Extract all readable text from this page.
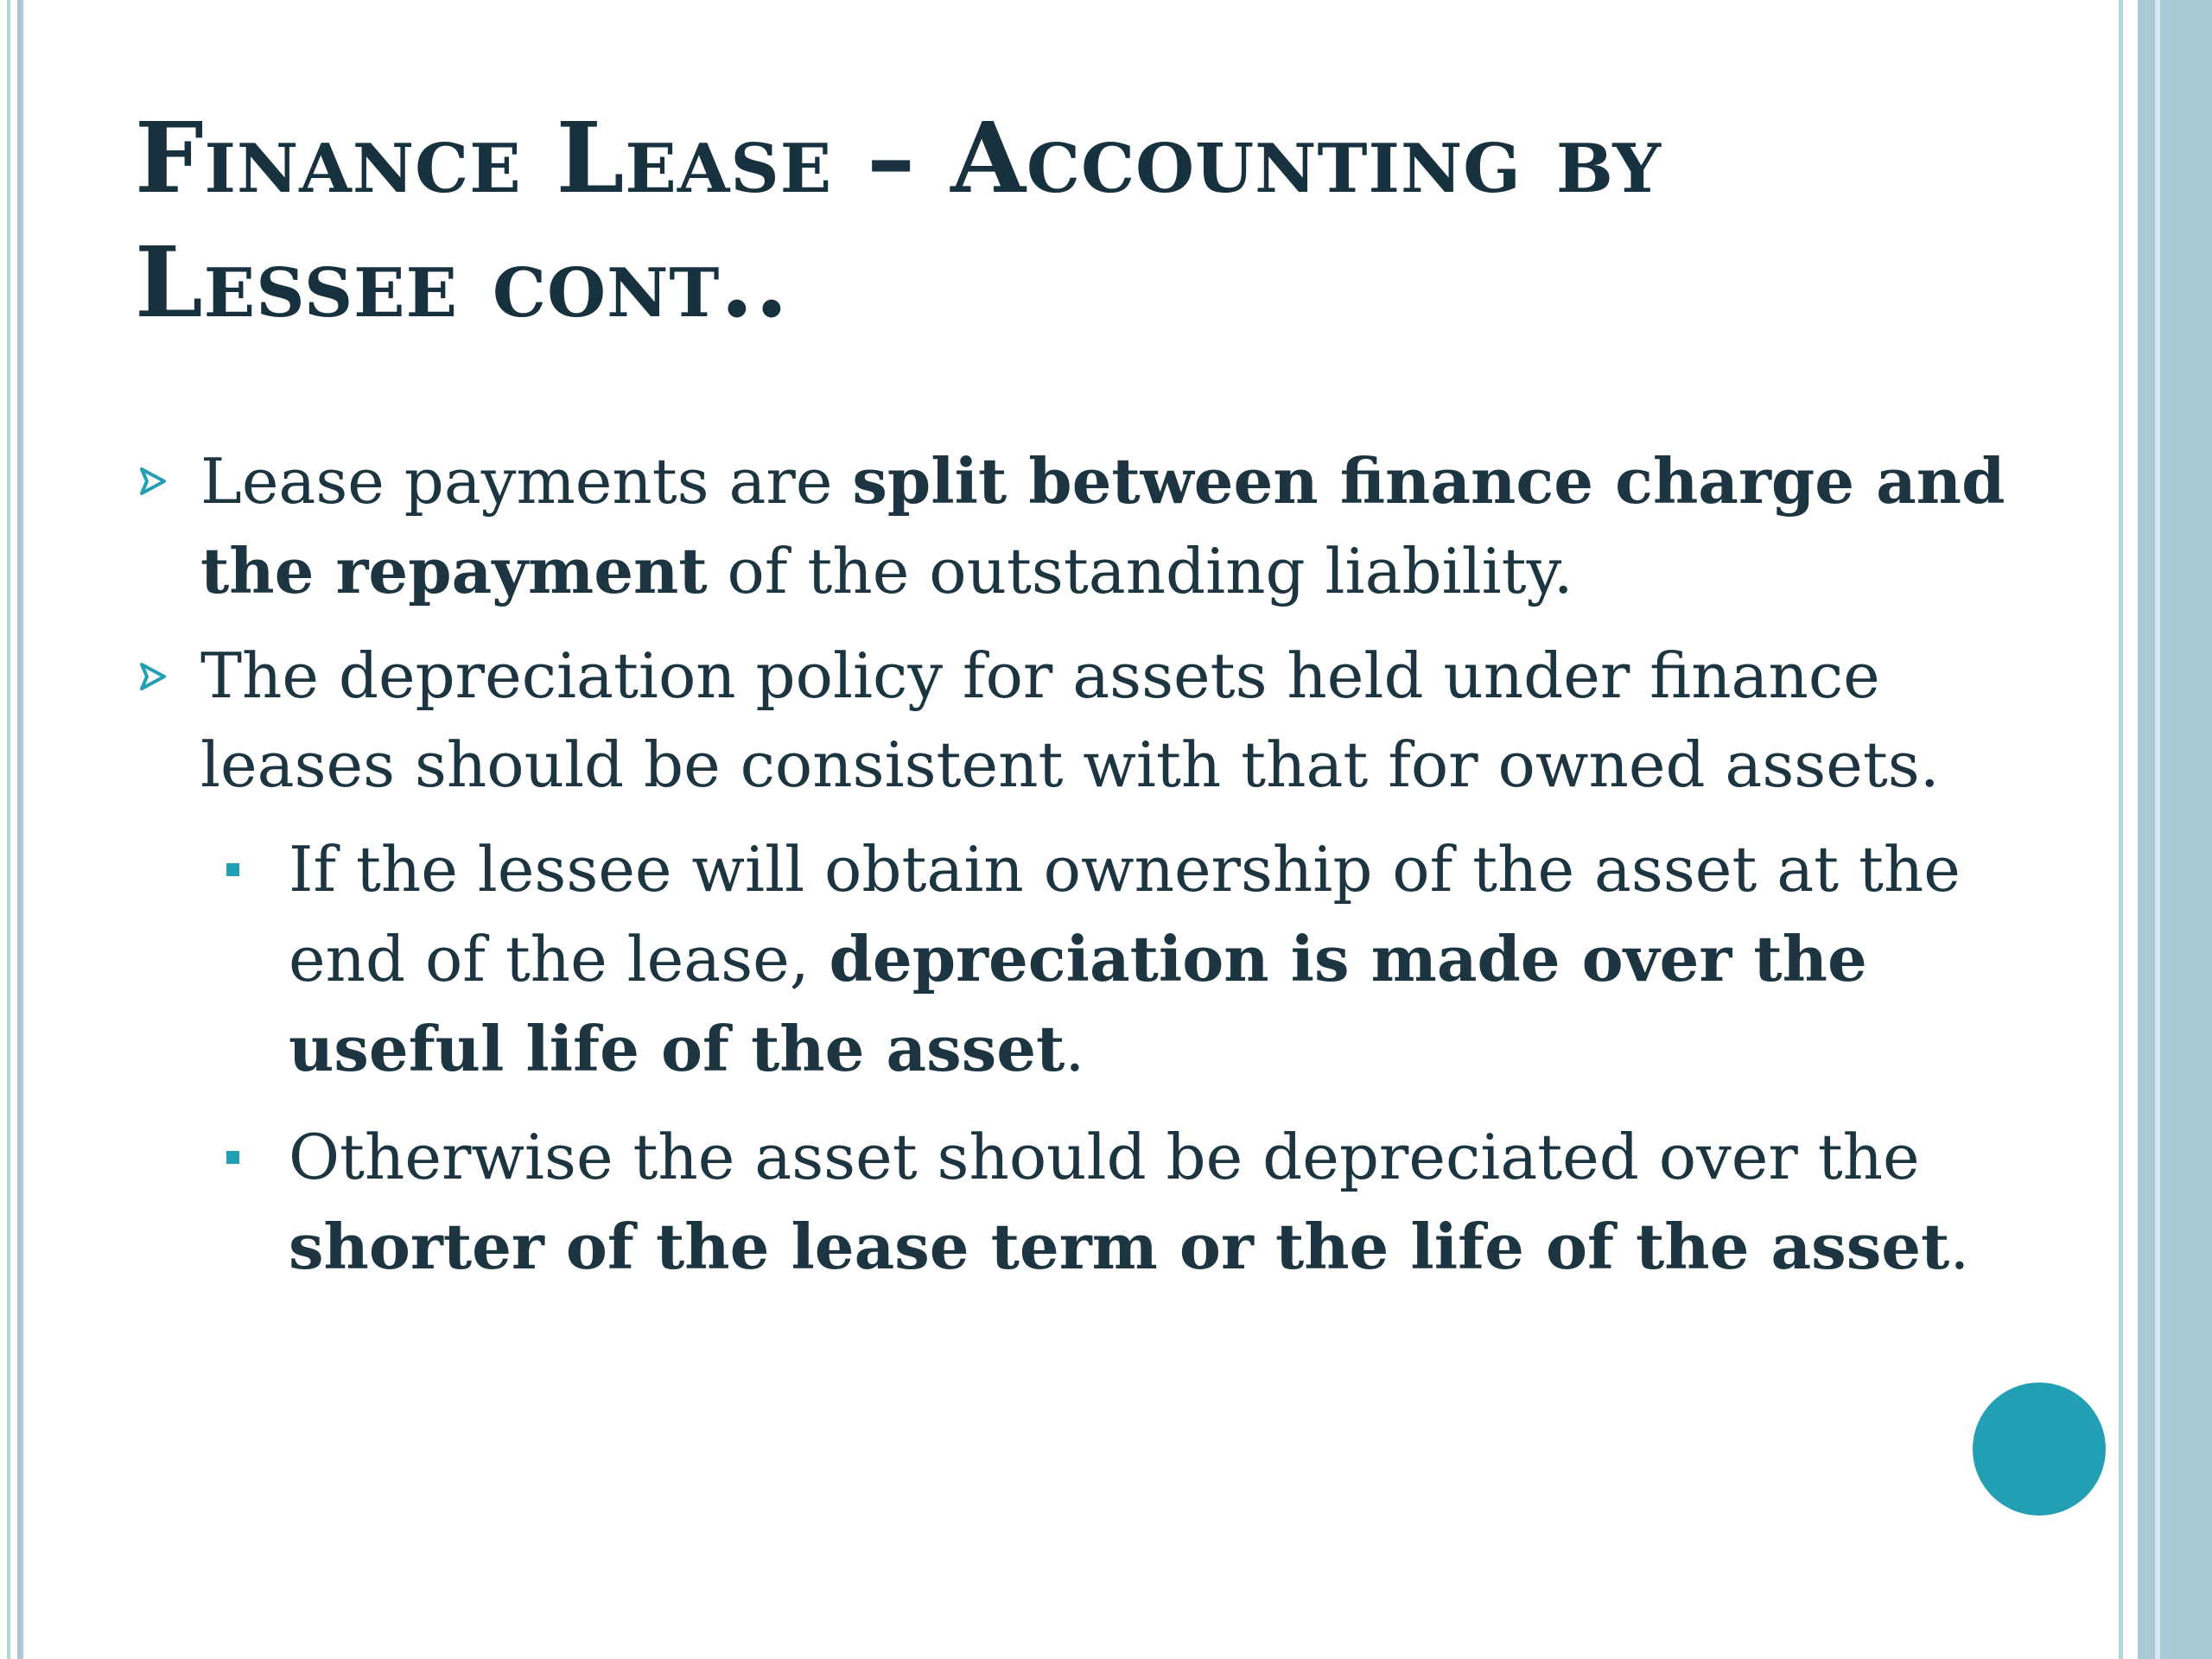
Finance Lease – Accounting by
Lessee cont..
Lease payments are split between finance charge and the repayment of the outstanding liability.
The depreciation policy for assets held under finance leases should be consistent with that for owned assets.
If the lessee will obtain ownership of the asset at the end of the lease, depreciation is made over the useful life of the asset.
Otherwise the asset should be depreciated over the shorter of the lease term or the life of the asset.
